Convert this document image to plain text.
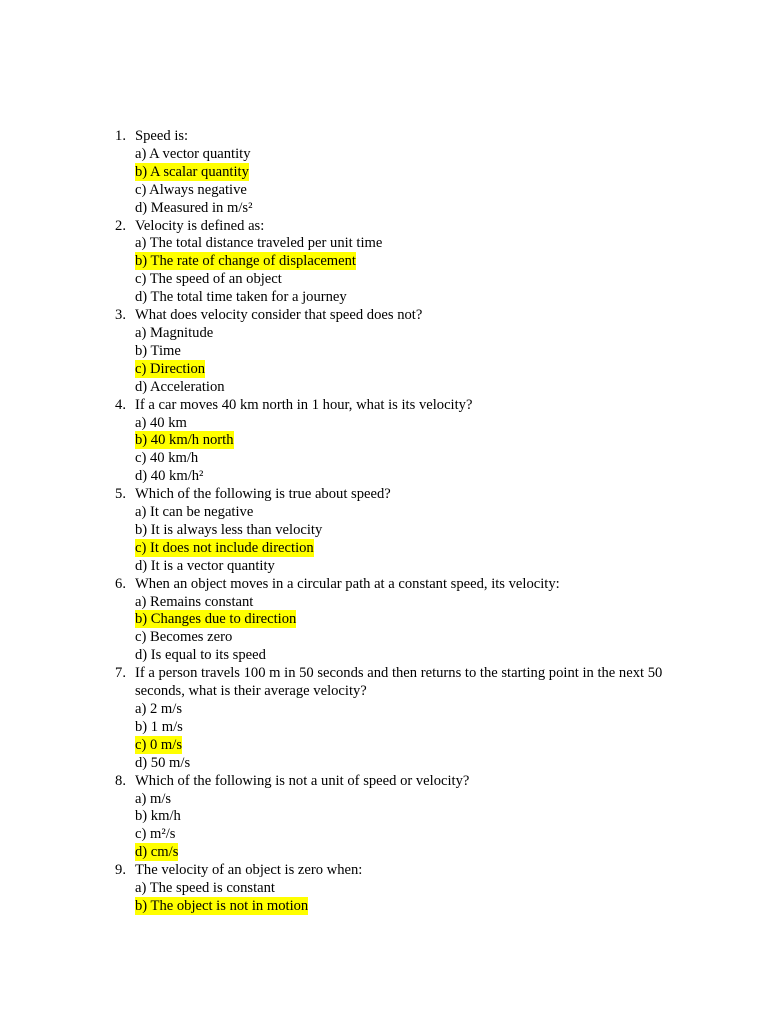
1. Speed is:
a) A vector quantity
b) A scalar quantity
c) Always negative
d) Measured in m/s²
2. Velocity is defined as:
a) The total distance traveled per unit time
b) The rate of change of displacement
c) The speed of an object
d) The total time taken for a journey
3. What does velocity consider that speed does not?
a) Magnitude
b) Time
c) Direction
d) Acceleration
4. If a car moves 40 km north in 1 hour, what is its velocity?
a) 40 km
b) 40 km/h north
c) 40 km/h
d) 40 km/h²
5. Which of the following is true about speed?
a) It can be negative
b) It is always less than velocity
c) It does not include direction
d) It is a vector quantity
6. When an object moves in a circular path at a constant speed, its velocity:
a) Remains constant
b) Changes due to direction
c) Becomes zero
d) Is equal to its speed
7. If a person travels 100 m in 50 seconds and then returns to the starting point in the next 50 seconds, what is their average velocity?
a) 2 m/s
b) 1 m/s
c) 0 m/s
d) 50 m/s
8. Which of the following is not a unit of speed or velocity?
a) m/s
b) km/h
c) m²/s
d) cm/s
9. The velocity of an object is zero when:
a) The speed is constant
b) The object is not in motion
